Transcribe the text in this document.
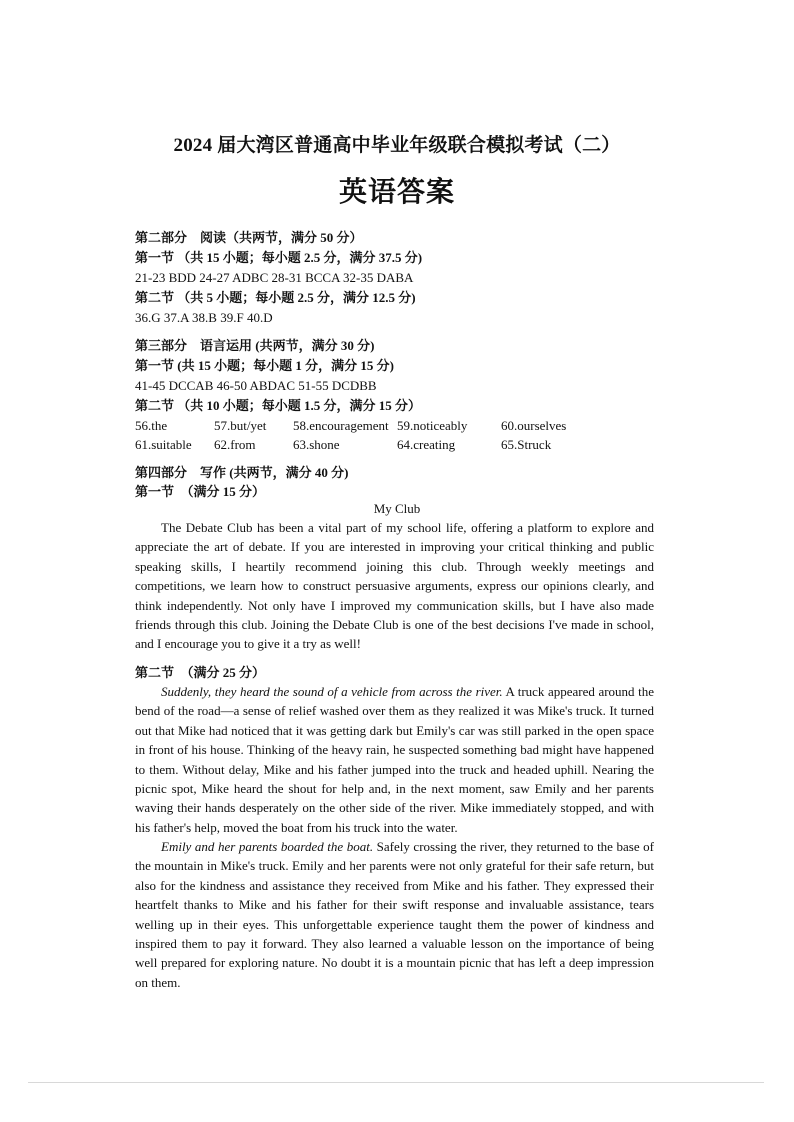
2024 届大湾区普通高中毕业年级联合模拟考试（二）
英语答案
第二部分　阅读（共两节，满分 50 分）
第一节 （共 15 小题；每小题 2.5 分，满分 37.5 分)
21-23 BDD 24-27 ADBC 28-31 BCCA 32-35 DABA
第二节 （共 5 小题；每小题 2.5 分，满分 12.5 分)
36.G 37.A 38.B 39.F 40.D
第三部分　语言运用 (共两节，满分 30 分)
第一节 (共 15 小题；每小题 1 分，满分 15 分)
41-45 DCCAB 46-50 ABDAC 51-55 DCDBB
第二节 （共 10 小题；每小题 1.5 分，满分 15 分）
56.the	57.but/yet 58.encouragement 59.noticeably	60.ourselves
61.suitable 62.from	63.shone	64.creating	65.Struck
第四部分　写作 (共两节，满分 40 分)
第一节　（满分 15 分）
My Club

The Debate Club has been a vital part of my school life, offering a platform to explore and appreciate the art of debate. If you are interested in improving your critical thinking and public speaking skills, I heartily recommend joining this club. Through weekly meetings and competitions, we learn how to construct persuasive arguments, express our opinions clearly, and think independently. Not only have I improved my communication skills, but I have also made friends through this club. Joining the Debate Club is one of the best decisions I've made in school, and I encourage you to give it a try as well!

第二节　（满分 25 分）

Suddenly, they heard the sound of a vehicle from across the river. A truck appeared around the bend of the road—a sense of relief washed over them as they realized it was Mike's truck. It turned out that Mike had noticed that it was getting dark but Emily's car was still parked in the open space in front of his house. Thinking of the heavy rain, he suspected something bad might have happened to them. Without delay, Mike and his father jumped into the truck and headed uphill. Nearing the picnic spot, Mike heard the shout for help and, in the next moment, saw Emily and her parents waving their hands desperately on the other side of the river. Mike immediately stopped, and with his father's help, moved the boat from his truck into the water.

Emily and her parents boarded the boat. Safely crossing the river, they returned to the base of the mountain in Mike's truck. Emily and her parents were not only grateful for their safe return, but also for the kindness and assistance they received from Mike and his father. They expressed their heartfelt thanks to Mike and his father for their swift response and invaluable assistance, tears welling up in their eyes. This unforgettable experience taught them the power of kindness and inspired them to pay it forward. They also learned a valuable lesson on the importance of being well prepared for exploring nature. No doubt it is a mountain picnic that has left a deep impression on them.
